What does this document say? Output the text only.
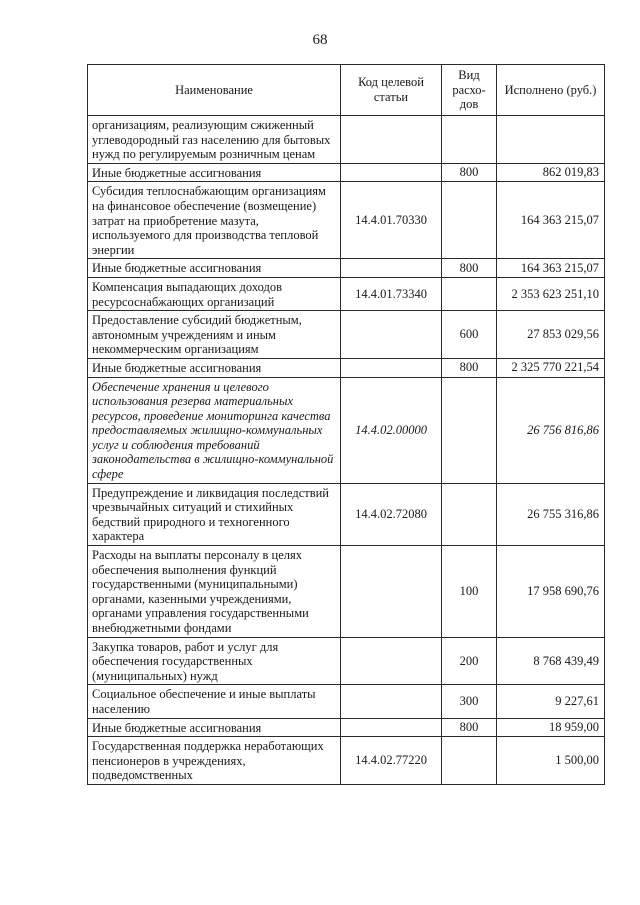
68
Наименование	Код целевой статьи	Вид расхо-дов	Исполнено (руб.)
организациям, реализующим сжиженный углеводородный газ населению для бытовых нужд по регулируемым розничным ценам			
Иные бюджетные ассигнования		800	862 019,83
Субсидия теплоснабжающим организациям на финансовое обеспечение (возмещение) затрат на приобретение мазута, используемого для производства тепловой энергии	14.4.01.70330		164 363 215,07
Иные бюджетные ассигнования		800	164 363 215,07
Компенсация выпадающих доходов ресурсоснабжающих организаций	14.4.01.73340		2 353 623 251,10
Предоставление субсидий бюджетным, автономным учреждениям и иным некоммерческим организациям		600	27 853 029,56
Иные бюджетные ассигнования		800	2 325 770 221,54
Обеспечение хранения и целевого использования резерва материальных ресурсов, проведение мониторинга качества предоставляемых жилищно-коммунальных услуг и соблюдения требований законодательства в жилищно-коммунальной сфере	14.4.02.00000		26 756 816,86
Предупреждение и ликвидация последствий чрезвычайных ситуаций и стихийных бедствий природного и техногенного характера	14.4.02.72080		26 755 316,86
Расходы на выплаты персоналу в целях обеспечения выполнения функций государственными (муниципальными) органами, казенными учреждениями, органами управления государственными внебюджетными фондами		100	17 958 690,76
Закупка товаров, работ и услуг для обеспечения государственных (муниципальных) нужд		200	8 768 439,49
Социальное обеспечение и иные выплаты населению		300	9 227,61
Иные бюджетные ассигнования		800	18 959,00
Государственная поддержка неработающих пенсионеров в учреждениях, подведомственных	14.4.02.77220		1 500,00
